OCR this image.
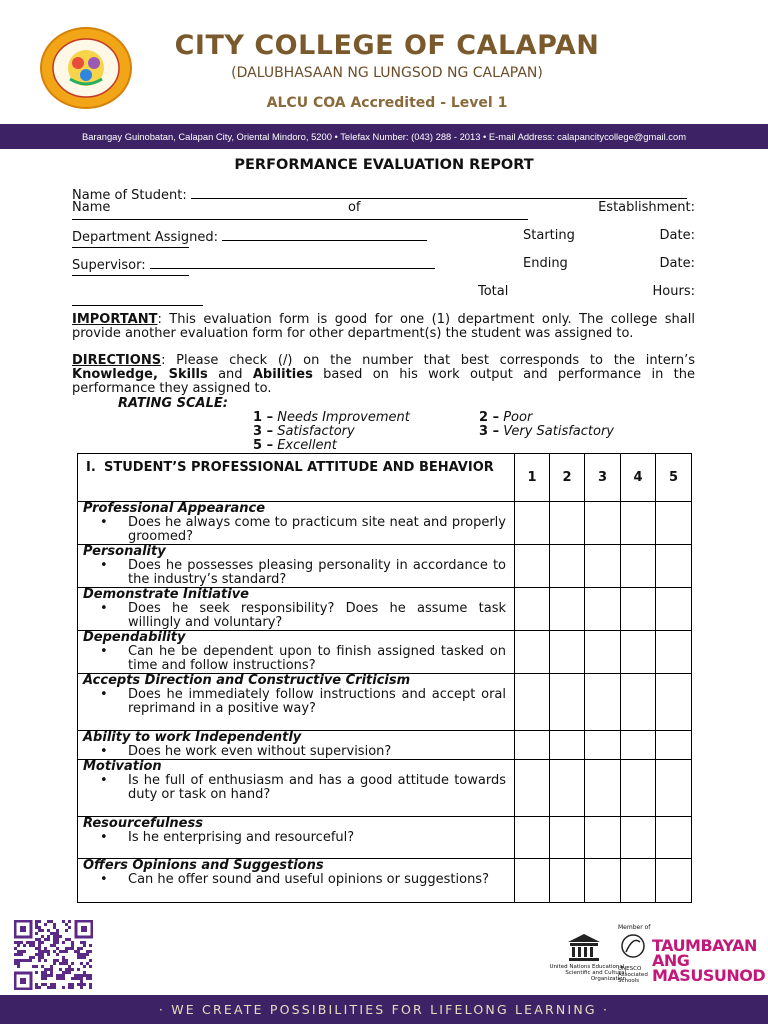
CITY COLLEGE OF CALAPAN
(DALUBHASAAN NG LUNGSOD NG CALAPAN)
ALCU COA Accredited - Level 1
Barangay Guinobatan, Calapan City, Oriental Mindoro, 5200 • Telefax Number: (043) 288 - 2013 • E-mail Address: calapancitycollege@gmail.com
PERFORMANCE EVALUATION REPORT
Name of Student:
Name	of	Establishment:
Department Assigned:	Starting	Date:
Supervisor:	Ending	Date:
Total	Hours:
IMPORTANT: This evaluation form is good for one (1) department only. The college shall provide another evaluation form for other department(s) the student was assigned to.
DIRECTIONS: Please check (/) on the number that best corresponds to the intern’s Knowledge, Skills and Abilities based on his work output and performance in the performance they assigned to.
RATING SCALE:
1 – Needs Improvement	2 – Poor
3 – Satisfactory	3 – Very Satisfactory
5 – Excellent
I. STUDENT’S PROFESSIONAL ATTITUDE AND BEHAVIOR	1	2	3	4	5

Professional Appearance
• Does he always come to practicum site neat and properly groomed?					

Personality
• Does he possesses pleasing personality in accordance to the industry’s standard?					

Demonstrate Initiative
• Does he seek responsibility? Does he assume task willingly and voluntary?					

Dependability
• Can he be dependent upon to finish assigned tasked on time and follow instructions?					

Accepts Direction and Constructive Criticism
• Does he immediately follow instructions and accept oral reprimand in a positive way?					

Ability to work Independently
• Does he work even without supervision?					

Motivation
• Is he full of enthusiasm and has a good attitude towards duty or task on hand?					

Resourcefulness
• Is he enterprising and resourceful?					

Offers Opinions and Suggestions
• Can he offer sound and useful opinions or suggestions?					

United Nations Educational, Scientific and Cultural Organization
Member of
UNESCO Associated Schools
TAUMBAYAN ANG MASUSUNOD
· WE CREATE POSSIBILITIES FOR LIFELONG LEARNING ·
